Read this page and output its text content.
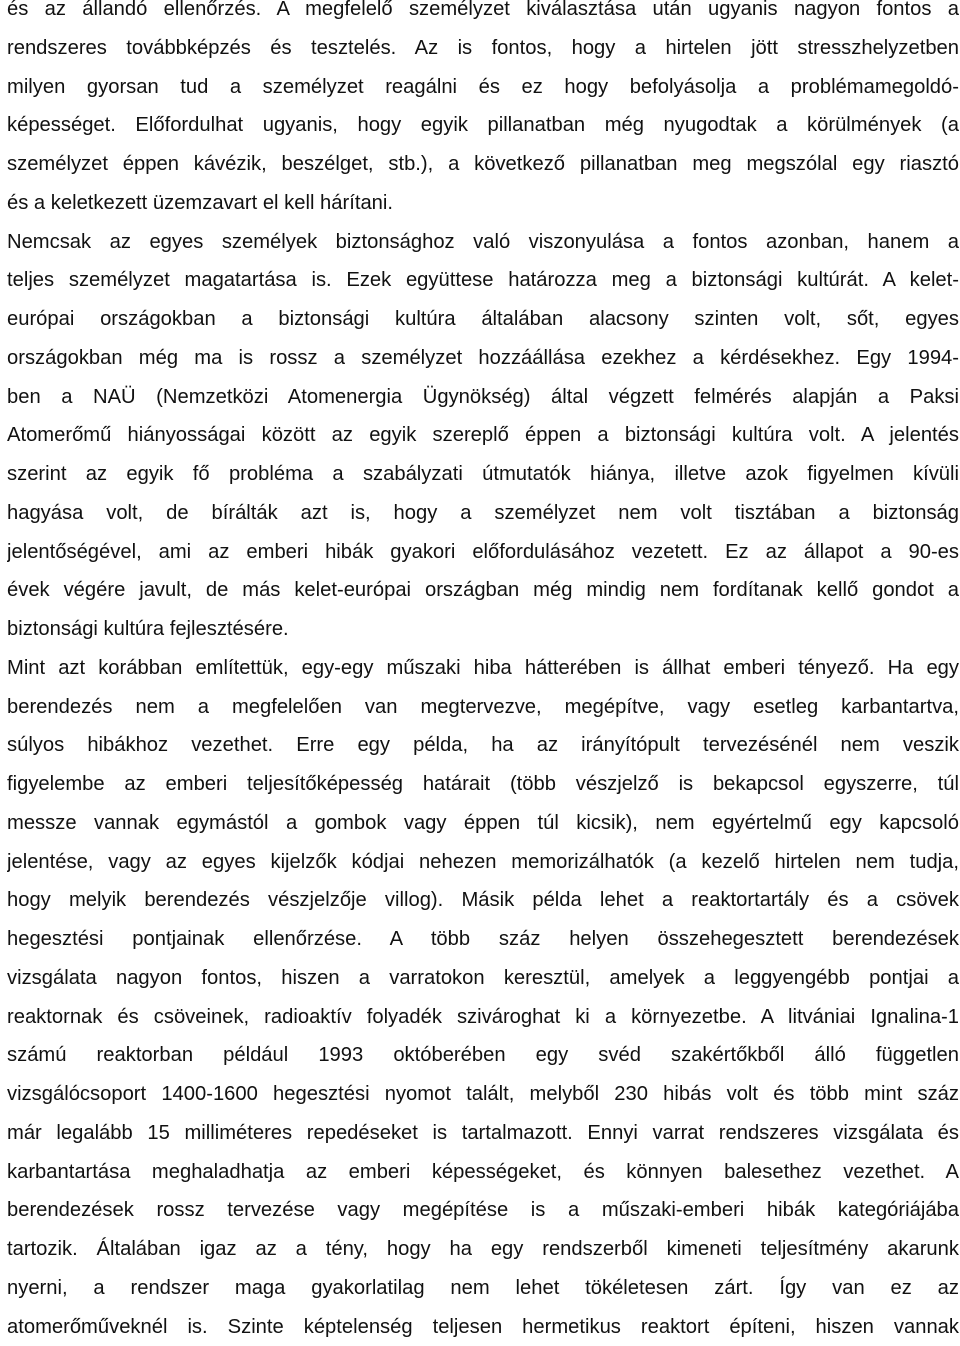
és az állandó ellenőrzés. A megfelelő személyzet kiválasztása után ugyanis nagyon fontos a
rendszeres továbbképzés és tesztelés. Az is fontos, hogy a hirtelen jött stresszhelyzetben
milyen gyorsan tud a személyzet reagálni és ez hogy befolyásolja a problémamegoldó-
képességet. Előfordulhat ugyanis, hogy egyik pillanatban még nyugodtak a körülmények (a
személyzet éppen kávézik, beszélget, stb.), a következő pillanatban meg megszólal egy riasztó
és a keletkezett üzemzavart el kell hárítani.
Nemcsak az egyes személyek biztonsághoz való viszonyulása a fontos azonban, hanem a
teljes személyzet magatartása is. Ezek együttese határozza meg a biztonsági kultúrát. A kelet-
európai országokban a biztonsági kultúra általában alacsony szinten volt, sőt, egyes
országokban még ma is rossz a személyzet hozzáállása ezekhez a kérdésekhez. Egy 1994-
ben a NAÜ (Nemzetközi Atomenergia Ügynökség) által végzett felmérés alapján a Paksi
Atomerőmű hiányosságai között az egyik szereplő éppen a biztonsági kultúra volt. A jelentés
szerint az egyik fő probléma a szabályzati útmutatók hiánya, illetve azok figyelmen kívüli
hagyása volt, de bírálták azt is, hogy a személyzet nem volt tisztában a biztonság
jelentőségével, ami az emberi hibák gyakori előfordulásához vezetett. Ez az állapot a 90-es
évek végére javult, de más kelet-európai országban még mindig nem fordítanak kellő gondot a
biztonsági kultúra fejlesztésére.
Mint azt korábban említettük, egy-egy műszaki hiba hátterében is állhat emberi tényező. Ha egy
berendezés nem a megfelelően van megtervezve, megépítve, vagy esetleg karbantartva,
súlyos hibákhoz vezethet. Erre egy példa, ha az irányítópult tervezésénél nem veszik
figyelembe az emberi teljesítőképesség határait (több vészjelző is bekapcsol egyszerre, túl
messze vannak egymástól a gombok vagy éppen túl kicsik), nem egyértelmű egy kapcsoló
jelentése, vagy az egyes kijelzők kódjai nehezen memorizálhatók (a kezelő hirtelen nem tudja,
hogy melyik berendezés vészjelzője villog). Másik példa lehet a reaktortartály és a csövek
hegesztési pontjainak ellenőrzése. A több száz helyen összehegesztett berendezések
vizsgálata nagyon fontos, hiszen a varratokon keresztül, amelyek a leggyengébb pontjai a
reaktornak és csöveinek, radioaktív folyadék szivároghat ki a környezetbe. A litvániai Ignalina-1
számú reaktorban például 1993 októberében egy svéd szakértőkből álló független
vizsgálócsoport 1400-1600 hegesztési nyomot talált, melyből 230 hibás volt és több mint száz
már legalább 15 milliméteres repedéseket is tartalmazott. Ennyi varrat rendszeres vizsgálata és
karbantartása meghaladhatja az emberi képességeket, és könnyen balesethez vezethet. A
berendezések rossz tervezése vagy megépítése is a műszaki-emberi hibák kategóriájába
tartozik. Általában igaz az a tény, hogy ha egy rendszerből kimeneti teljesítmény akarunk
nyerni, a rendszer maga gyakorlatilag nem lehet tökéletesen zárt. Így van ez az
atomerőműveknél is. Szinte képtelenség teljesen hermetikus reaktort építeni, hiszen vannak
